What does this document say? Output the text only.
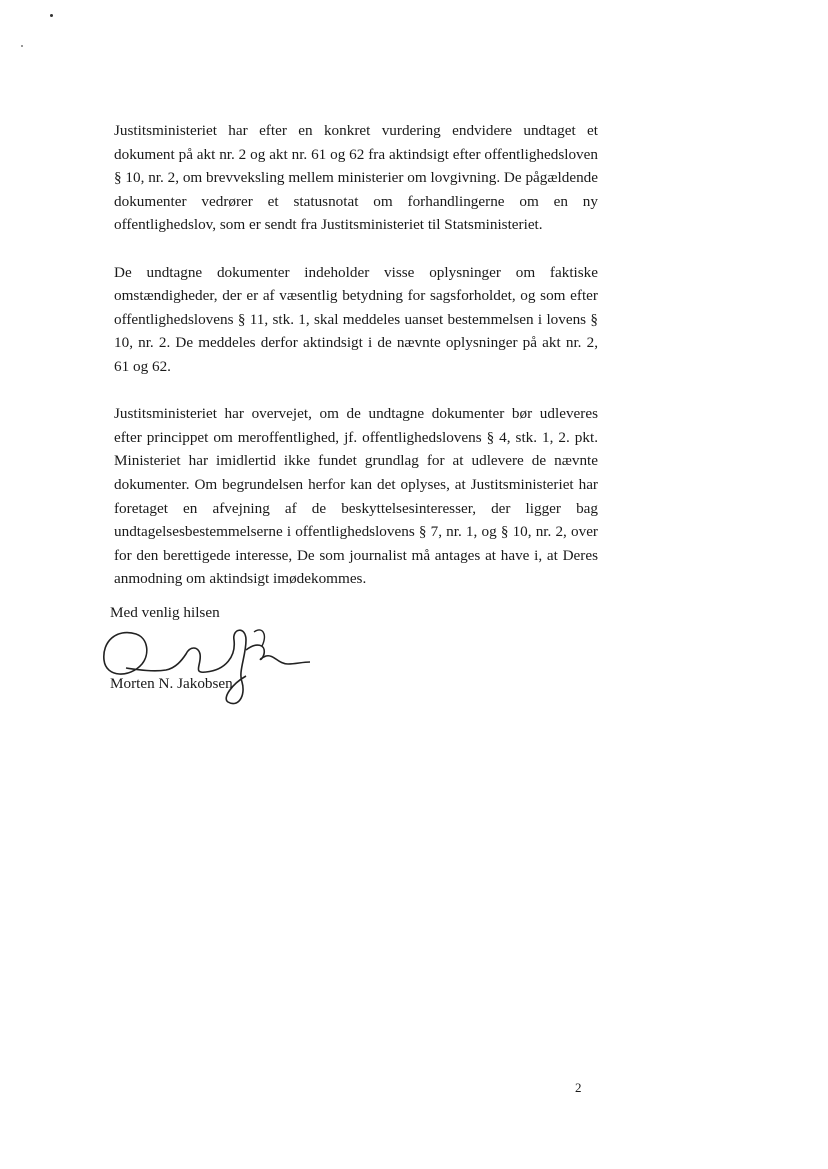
Justitsministeriet har efter en konkret vurdering endvidere undtaget et dokument på akt nr. 2 og akt nr. 61 og 62 fra aktindsigt efter offentlighedsloven § 10, nr. 2, om brevveksling mellem ministerier om lovgivning. De pågældende dokumenter vedrører et statusnotat om forhandlingerne om en ny offentlighedslov, som er sendt fra Justitsministeriet til Statsministeriet.

De undtagne dokumenter indeholder visse oplysninger om faktiske omstændigheder, der er af væsentlig betydning for sagsforholdet, og som efter offentlighedslovens § 11, stk. 1, skal meddeles uanset bestemmelsen i lovens § 10, nr. 2. De meddeles derfor aktindsigt i de nævnte oplysninger på akt nr. 2, 61 og 62.

Justitsministeriet har overvejet, om de undtagne dokumenter bør udleveres efter princippet om meroffentlighed, jf. offentlighedslovens § 4, stk. 1, 2. pkt. Ministeriet har imidlertid ikke fundet grundlag for at udlevere de nævnte dokumenter. Om begrundelsen herfor kan det oplyses, at Justitsministeriet har foretaget en afvejning af de beskyttelsesinteresser, der ligger bag undtagelsesbestemmelserne i offentlighedslovens § 7, nr. 1, og § 10, nr. 2, over for den berettigede interesse, De som journalist må antages at have i, at Deres anmodning om aktindsigt imødekommes.

Med venlig hilsen
Morten N. Jakobsen
2
